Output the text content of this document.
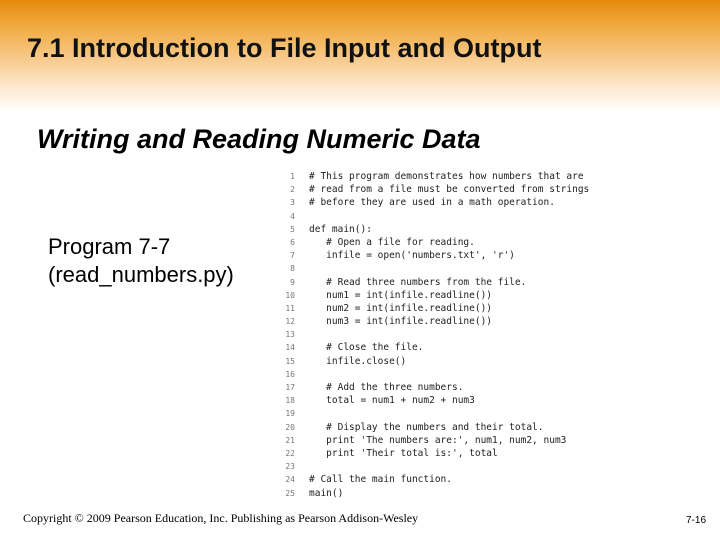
7.1 Introduction to File Input and Output
Writing and Reading Numeric Data
Program 7-7
(read_numbers.py)
1 # This program demonstrates how numbers that are
2 # read from a file must be converted from strings
3 # before they are used in a math operation.
4
5 def main():
6   # Open a file for reading.
7   infile = open('numbers.txt', 'r')
8
9   # Read three numbers from the file.
10   num1 = int(infile.readline())
11   num2 = int(infile.readline())
12   num3 = int(infile.readline())
13
14   # Close the file.
15   infile.close()
16
17   # Add the three numbers.
18   total = num1 + num2 + num3
19
20   # Display the numbers and their total.
21   print 'The numbers are:', num1, num2, num3
22   print 'Their total is:', total
23
24 # Call the main function.
25 main()
Copyright © 2009 Pearson Education, Inc. Publishing as Pearson Addison-Wesley	7-16
